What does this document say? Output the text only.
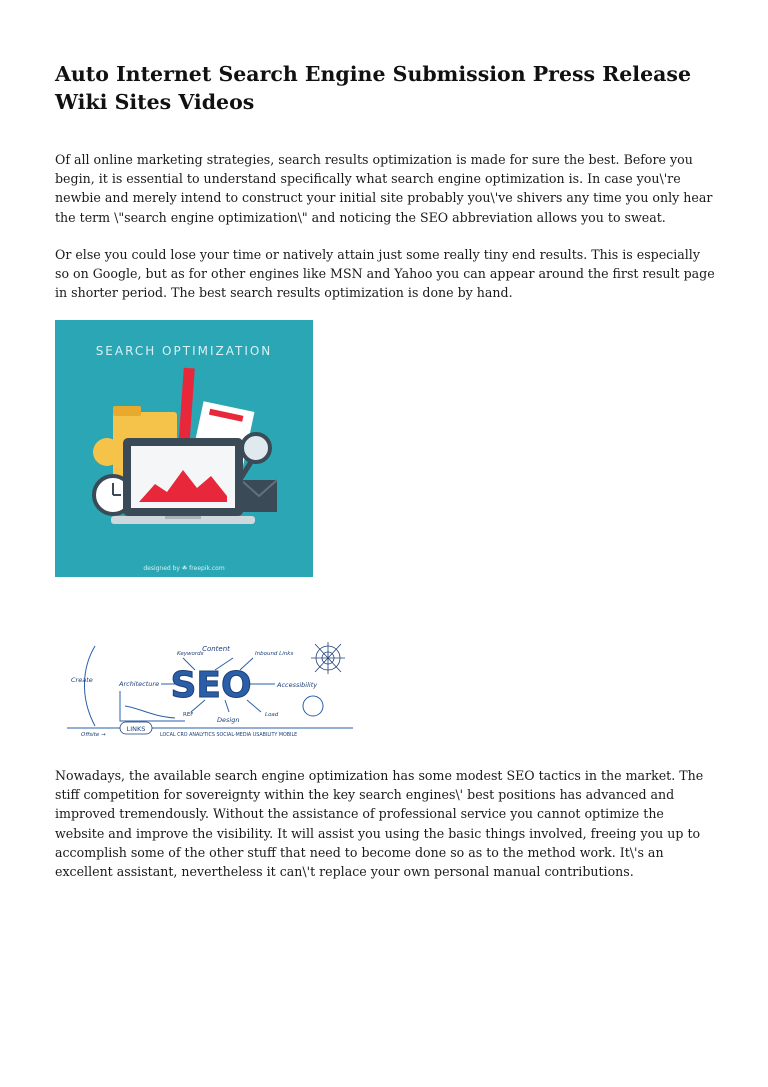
Auto Internet Search Engine Submission Press Release Wiki Sites Videos

Of all online marketing strategies, search results optimization is made for sure the best. Before you begin, it is essential to understand specifically what search engine optimization is. In case you\'re newbie and merely intend to construct your initial site probably you\'ve shivers any time you only hear the term \"search engine optimization\" and noticing the SEO abbreviation allows you to sweat.

Or else you could lose your time or natively attain just some really tiny end results. This is especially so on Google, but as for other engines like MSN and Yahoo you can appear around the first result page in shorter period. The best search results optimization is done by hand.

SEARCH OPTIMIZATION
designed by ☘ freepik.com
Content
Keywords	Inbound Links
Create	Architecture SEO	Accessibility
REF
Design
Load
LINKS
Offsite →	LOCAL CRO ANALYTICS SOCIAL-MEDIA USABILITY MOBILE

Nowadays, the available search engine optimization has some modest SEO tactics in the market. The stiff competition for sovereignty within the key search engines\' best positions has advanced and improved tremendously. Without the assistance of professional service you cannot optimize the website and improve the visibility. It will assist you using the basic things involved, freeing you up to accomplish some of the other stuff that need to become done so as to the method work. It\'s an excellent assistant, nevertheless it can\'t replace your own personal manual contributions.
